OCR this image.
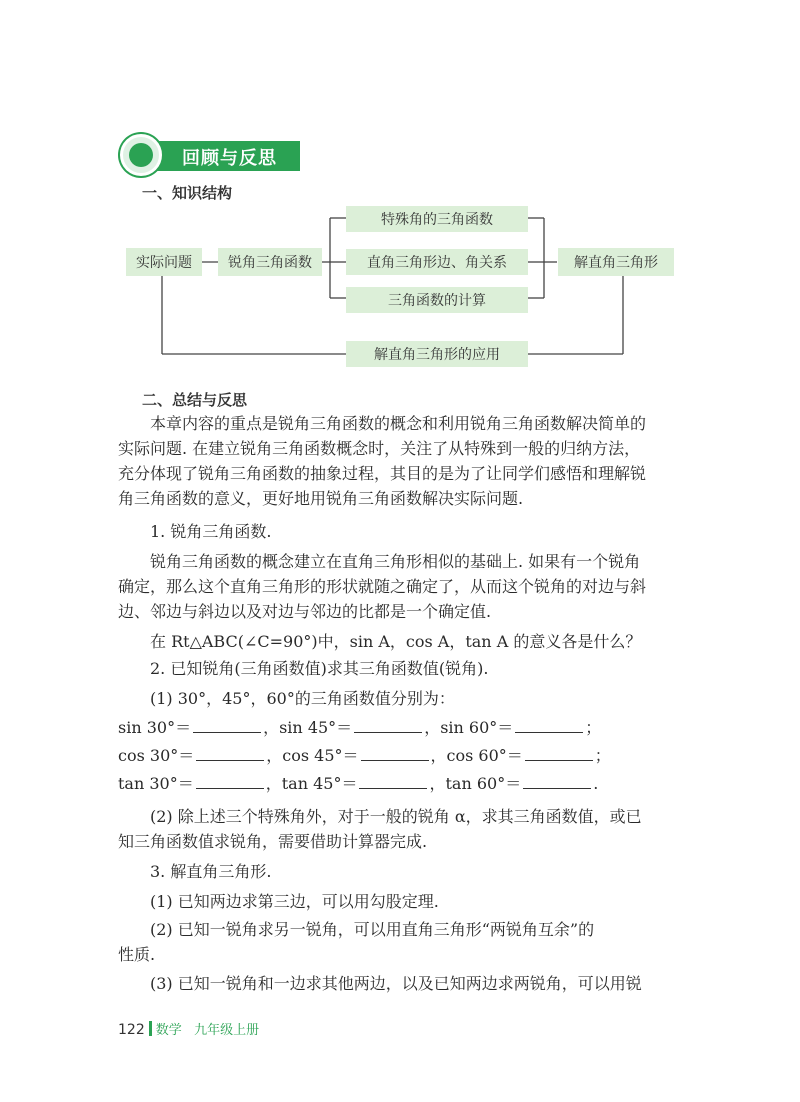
回顾与反思
一、知识结构
实际问题	锐角三角函数
特殊角的三角函数
直角三角形边、角关系
三角函数的计算
解直角三角形
解直角三角形的应用
二、总结与反思
本章内容的重点是锐角三角函数的概念和利用锐角三角函数解决简单的
实际问题. 在建立锐角三角函数概念时，关注了从特殊到一般的归纳方法，
充分体现了锐角三角函数的抽象过程，其目的是为了让同学们感悟和理解锐
角三角函数的意义，更好地用锐角三角函数解决实际问题.
1. 锐角三角函数.
锐角三角函数的概念建立在直角三角形相似的基础上. 如果有一个锐角
确定，那么这个直角三角形的形状就随之确定了，从而这个锐角的对边与斜
边、邻边与斜边以及对边与邻边的比都是一个确定值.
在 Rt△ABC(∠C=90°)中，sin A，cos A，tan A 的意义各是什么？
2. 已知锐角(三角函数值)求其三角函数值(锐角).
(1) 30°，45°，60°的三角函数值分别为：
sin 30°＝	，sin 45°＝	，sin 60°＝	；
cos 30°＝	，cos 45°＝	，cos 60°＝	；
tan 30°＝	，tan 45°＝	，tan 60°＝	.
(2) 除上述三个特殊角外，对于一般的锐角 α，求其三角函数值，或已
知三角函数值求锐角，需要借助计算器完成.
3. 解直角三角形.
(1) 已知两边求第三边，可以用勾股定理.
(2) 已知一锐角求另一锐角，可以用直角三角形“两锐角互余”的
性质.
(3) 已知一锐角和一边求其他两边，以及已知两边求两锐角，可以用锐
122 数学 九年级上册
